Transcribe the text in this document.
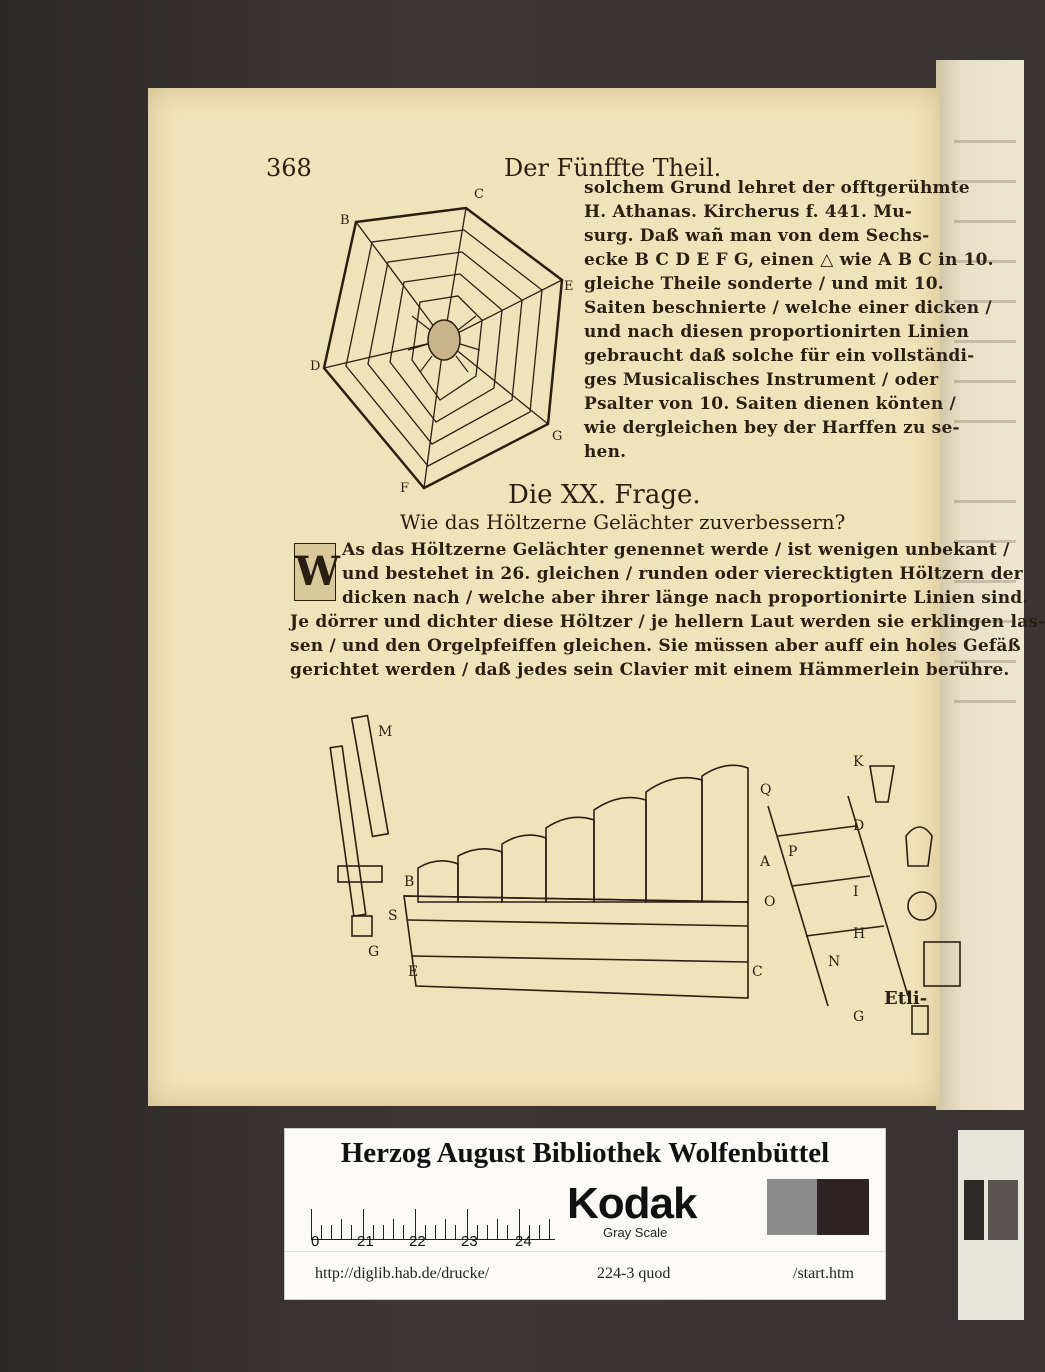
368	Der Fünffte Theil.
B
C
D
E
F
G
solchem Grund lehret der offtgerühmte
H. Athanas. Kircherus f. 441. Mu-
surg. Daß wañ man von dem Sechs-
ecke B C D E F G, einen △ wie A B C in 10.
gleiche Theile sonderte / und mit 10.
Saiten beschnierte / welche einer dicken /
und nach diesen proportionirten Linien
gebraucht daß solche für ein vollständi-
ges Musicalisches Instrument / oder
Psalter von 10. Saiten dienen könten /
wie dergleichen bey der Harffen zu se-
hen.
Die XX. Frage.
Wie das Höltzerne Gelächter zuverbessern?
W As das Höltzerne Gelächter genennet werde / ist wenigen unbekant /
und bestehet in 26. gleichen / runden oder vierecktigten Höltzern der
dicken nach / welche aber ihrer länge nach proportionirte Linien sind.
Je dörrer und dichter diese Höltzer / je hellern Laut werden sie erklingen las-
sen / und den Orgelpfeiffen gleichen. Sie müssen aber auff ein holes Gefäß
gerichtet werden / daß jedes sein Clavier mit einem Hämmerlein berühre.
M
B
S
E
G
K
D
Q
A
P
I
O
H
N
C
G
Etli-
Herzog August Bibliothek Wolfenbüttel
0	21 22 23 24
Kodak
Gray Scale
http://diglib.hab.de/drucke/	224-3 quod	/start.htm
